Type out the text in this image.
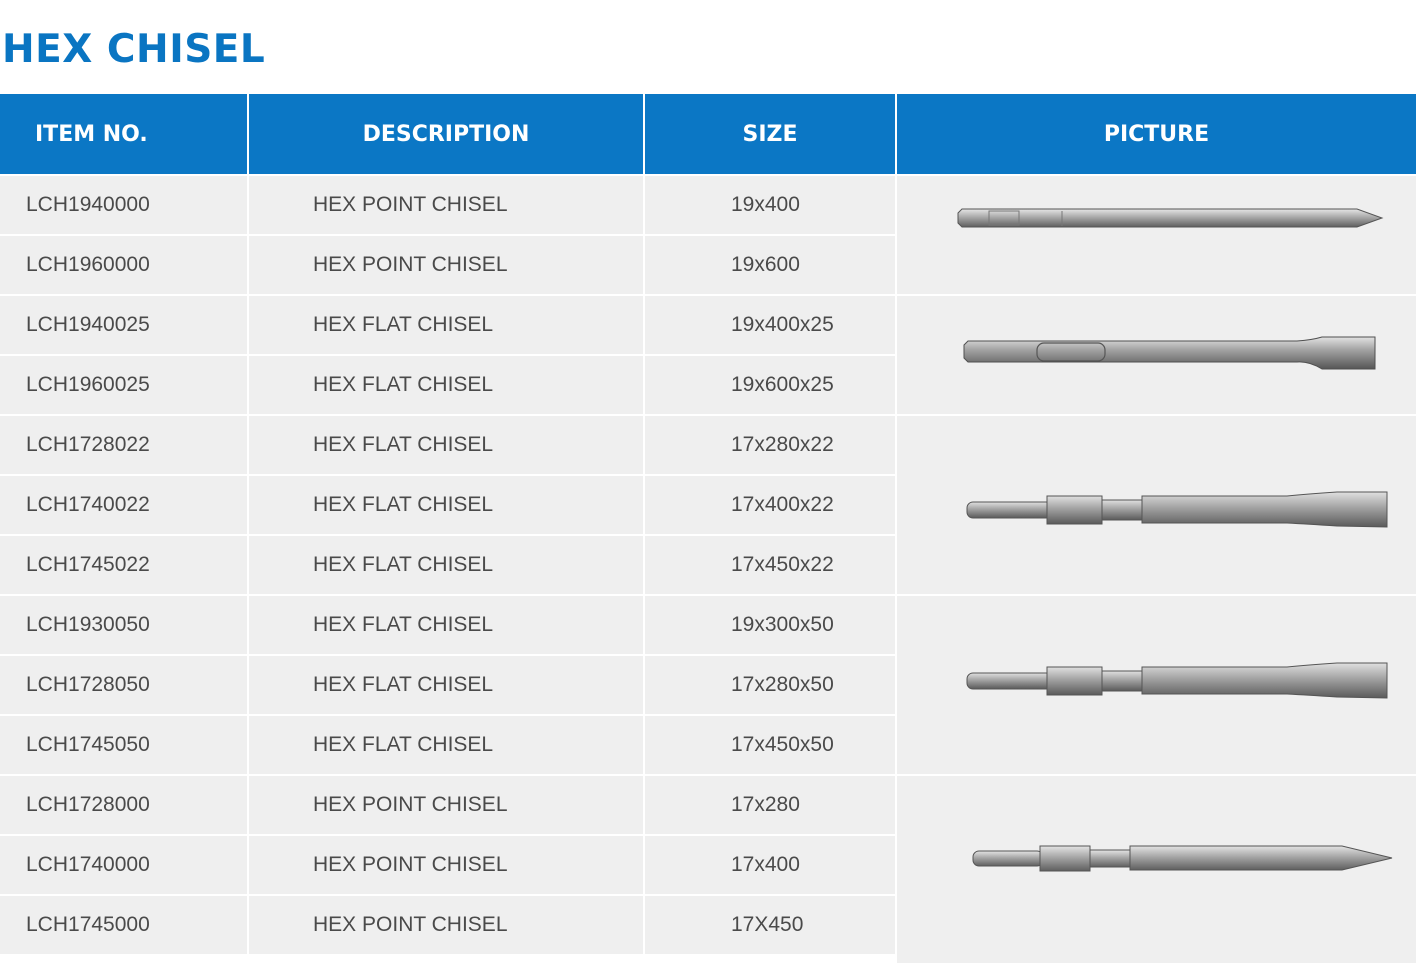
HEX CHISEL
ITEM NO.	DESCRIPTION	SIZE	PICTURE
LCH1940000	HEX POINT CHISEL	19x400
LCH1960000	HEX POINT CHISEL	19x600
LCH1940025	HEX FLAT CHISEL	19x400x25
LCH1960025	HEX FLAT CHISEL	19x600x25
LCH1728022	HEX FLAT CHISEL	17x280x22
LCH1740022	HEX FLAT CHISEL	17x400x22
LCH1745022	HEX FLAT CHISEL	17x450x22
LCH1930050	HEX FLAT CHISEL	19x300x50
LCH1728050	HEX FLAT CHISEL	17x280x50
LCH1745050	HEX FLAT CHISEL	17x450x50
LCH1728000	HEX POINT CHISEL	17x280
LCH1740000	HEX POINT CHISEL	17x400
LCH1745000	HEX POINT CHISEL	17X450
